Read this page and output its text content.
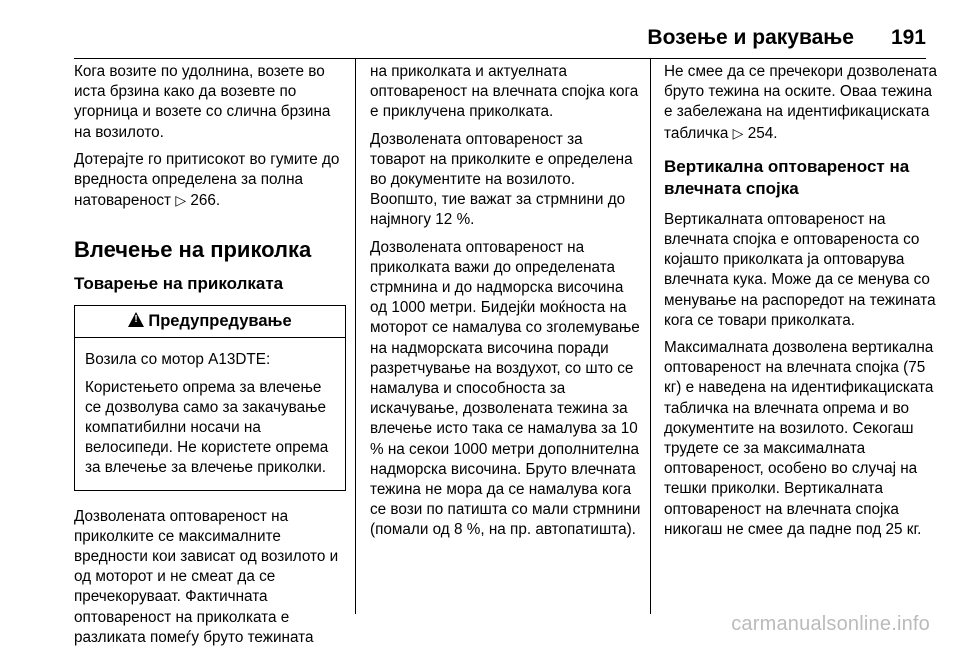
Возење и ракување 191

Кога возите по удолнина, возете во иста брзина како да возевте по угорница и возете со слична брзина на возилото.

Дотерајте го притисокот во гумите до вредноста определена за полна натовареност ▷ 266.

Влечење на приколка
Товарење на приколката
!Предупредување

Возила со мотор A13DTE:

Користењето опрема за влечење се дозволува само за закачување компатибилни носачи на велосипеди. Не користете опрема за влечење за влечење приколки.

Дозволената оптовареност на приколките се максималните вредности кои зависат од возилото и од моторот и не смеат да се пречекоруваат. Фактичната оптовареност на приколката е разликата помеѓу бруто тежината

на приколката и актуелната оптовареност на влечната спојка кога е приклучена приколката.

Дозволената оптовареност за товарот на приколките е определена во документите на возилото. Воопшто, тие важат за стрмнини до најмногу 12 %.

Дозволената оптовареност на приколката важи до определената стрмнина и до надморска височина од 1000 метри. Бидејќи моќноста на моторот се намалува со зголемување на надморската височина поради разретчување на воздухот, со што се намалува и способноста за искачување, дозволената тежина за влечење исто така се намалува за 10 % на секои 1000 метри дополнителна надморска височина. Бруто влечната тежина не мора да се намалува кога се вози по патишта со мали стрмнини (помали од 8 %, на пр. автопатишта).

Не смее да се пречекори дозволената бруто тежина на оските. Оваа тежина е забележана на идентификациската табличка ▷ 254.

Вертикална оптовареност на влечната спојка

Вертикалната оптовареност на влечната спојка е оптовареноста со којашто приколката ја оптоварува влечната кука. Може да се менува со менување на распоредот на тежината кога се товари приколката.

Максималната дозволена вертикална оптовареност на влечната спојка (75 кг) е наведена на идентификациската табличка на влечната опрема и во документите на возилото. Секогаш трудете се за максималната оптовареност, особено во случај на тешки приколки. Вертикалната оптовареност на влечната спојка никогаш не смее да падне под 25 кг.

carmanualsonline.info
